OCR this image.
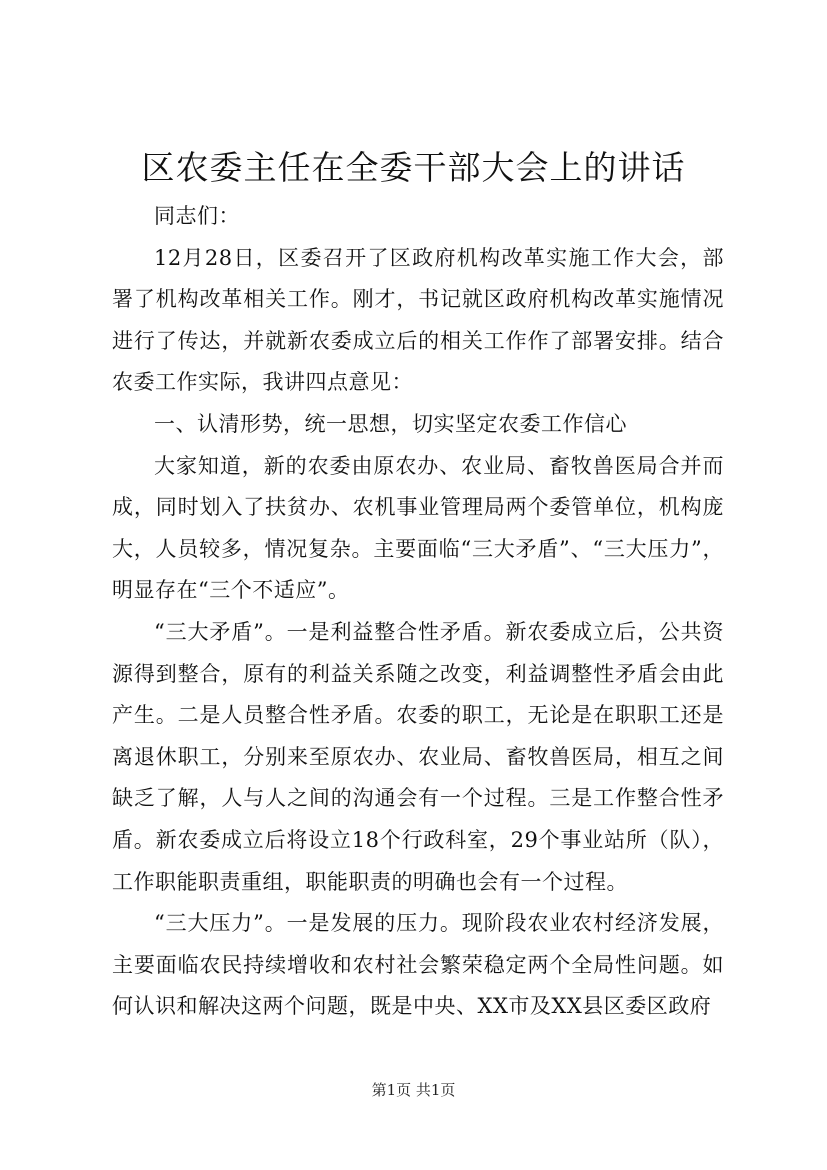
区农委主任在全委干部大会上的讲话

同志们：

12月28日，区委召开了区政府机构改革实施工作大会，部署了机构改革相关工作。刚才，书记就区政府机构改革实施情况进行了传达，并就新农委成立后的相关工作作了部署安排。结合农委工作实际，我讲四点意见：

一、认清形势，统一思想，切实坚定农委工作信心

大家知道，新的农委由原农办、农业局、畜牧兽医局合并而成，同时划入了扶贫办、农机事业管理局两个委管单位，机构庞大，人员较多，情况复杂。主要面临“三大矛盾”、“三大压力”，明显存在“三个不适应”。

“三大矛盾”。一是利益整合性矛盾。新农委成立后，公共资源得到整合，原有的利益关系随之改变，利益调整性矛盾会由此产生。二是人员整合性矛盾。农委的职工，无论是在职职工还是离退休职工，分别来至原农办、农业局、畜牧兽医局，相互之间缺乏了解，人与人之间的沟通会有一个过程。三是工作整合性矛盾。新农委成立后将设立18个行政科室，29个事业站所（队），工作职能职责重组，职能职责的明确也会有一个过程。

“三大压力”。一是发展的压力。现阶段农业农村经济发展，主要面临农民持续增收和农村社会繁荣稳定两个全局性问题。如何认识和解决这两个问题，既是中央、XX市及XX县区委区政府

第1页 共1页
